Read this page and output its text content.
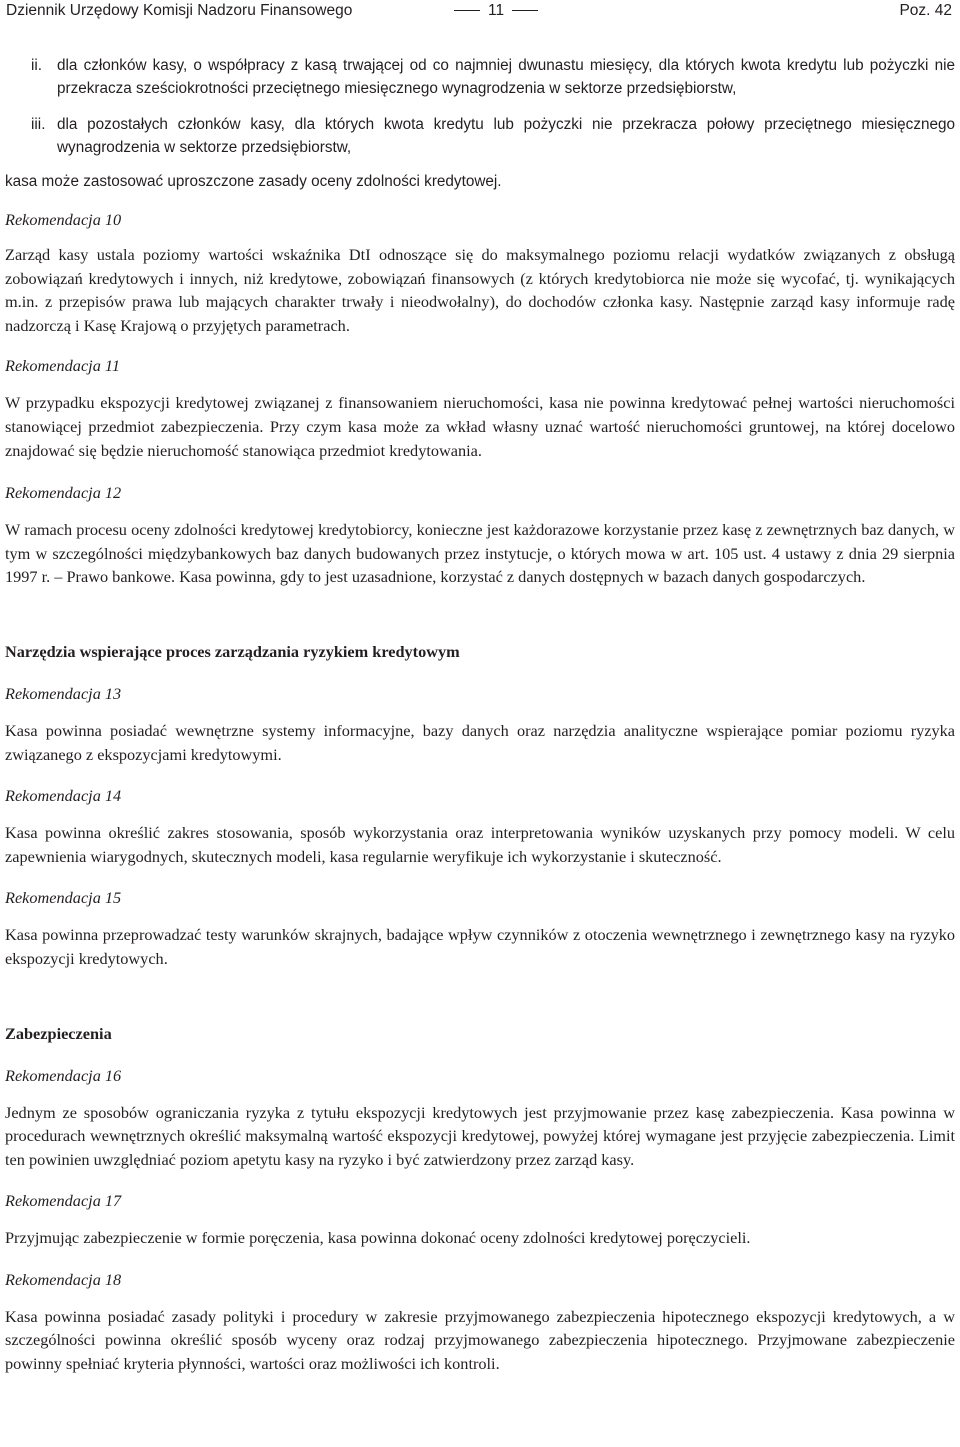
Dziennik Urzędowy Komisji Nadzoru Finansowego	11	Poz. 42
ii. dla członków kasy, o współpracy z kasą trwającej od co najmniej dwunastu miesięcy, dla których kwota kredytu lub pożyczki nie przekracza sześciokrotności przeciętnego miesięcznego wynagrodzenia w sektorze przedsiębiorstw,
iii. dla pozostałych członków kasy, dla których kwota kredytu lub pożyczki nie przekracza połowy przeciętnego miesięcznego wynagrodzenia w sektorze przedsiębiorstw,

kasa może zastosować uproszczone zasady oceny zdolności kredytowej.

Rekomendacja 10

Zarząd kasy ustala poziomy wartości wskaźnika DtI odnoszące się do maksymalnego poziomu relacji wydatków związanych z obsługą zobowiązań kredytowych i innych, niż kredytowe, zobowiązań finansowych (z których kredytobiorca nie może się wycofać, tj. wynikających m.in. z przepisów prawa lub mających charakter trwały i nieodwołalny), do dochodów członka kasy. Następnie zarząd kasy informuje radę nadzorczą i Kasę Krajową o przyjętych parametrach.

Rekomendacja 11

W przypadku ekspozycji kredytowej związanej z finansowaniem nieruchomości, kasa nie powinna kredytować pełnej wartości nieruchomości stanowiącej przedmiot zabezpieczenia. Przy czym kasa może za wkład własny uznać wartość nieruchomości gruntowej, na której docelowo znajdować się będzie nieruchomość stanowiąca przedmiot kredytowania.

Rekomendacja 12

W ramach procesu oceny zdolności kredytowej kredytobiorcy, konieczne jest każdorazowe korzystanie przez kasę z zewnętrznych baz danych, w tym w szczególności międzybankowych baz danych budowanych przez instytucje, o których mowa w art. 105 ust. 4 ustawy z dnia 29 sierpnia 1997 r. – Prawo bankowe. Kasa powinna, gdy to jest uzasadnione, korzystać z danych dostępnych w bazach danych gospodarczych.

Narzędzia wspierające proces zarządzania ryzykiem kredytowym
Rekomendacja 13

Kasa powinna posiadać wewnętrzne systemy informacyjne, bazy danych oraz narzędzia analityczne wspierające pomiar poziomu ryzyka związanego z ekspozycjami kredytowymi.

Rekomendacja 14

Kasa powinna określić zakres stosowania, sposób wykorzystania oraz interpretowania wyników uzyskanych przy pomocy modeli. W celu zapewnienia wiarygodnych, skutecznych modeli, kasa regularnie weryfikuje ich wykorzystanie i skuteczność.

Rekomendacja 15

Kasa powinna przeprowadzać testy warunków skrajnych, badające wpływ czynników z otoczenia wewnętrznego i zewnętrznego kasy na ryzyko ekspozycji kredytowych.

Zabezpieczenia
Rekomendacja 16

Jednym ze sposobów ograniczania ryzyka z tytułu ekspozycji kredytowych jest przyjmowanie przez kasę zabezpieczenia. Kasa powinna w procedurach wewnętrznych określić maksymalną wartość ekspozycji kredytowej, powyżej której wymagane jest przyjęcie zabezpieczenia. Limit ten powinien uwzględniać poziom apetytu kasy na ryzyko i być zatwierdzony przez zarząd kasy.

Rekomendacja 17

Przyjmując zabezpieczenie w formie poręczenia, kasa powinna dokonać oceny zdolności kredytowej poręczycieli.

Rekomendacja 18

Kasa powinna posiadać zasady polityki i procedury w zakresie przyjmowanego zabezpieczenia hipotecznego ekspozycji kredytowych, a w szczególności powinna określić sposób wyceny oraz rodzaj przyjmowanego zabezpieczenia hipotecznego. Przyjmowane zabezpieczenie powinny spełniać kryteria płynności, wartości oraz możliwości ich kontroli.
